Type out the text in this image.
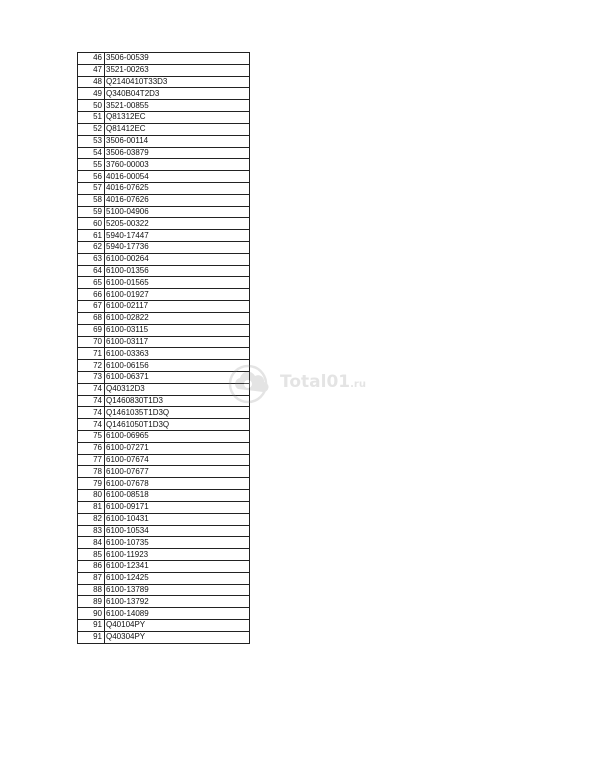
46	3506-00539
47	3521-00263
48	Q2140410T33D3
49	Q340B04T2D3
50	3521-00855
51	Q81312EC
52	Q81412EC
53	3506-00114
54	3506-03879
55	3760-00003
56	4016-00054
57	4016-07625
58	4016-07626
59	5100-04906
60	5205-00322
61	5940-17447
62	5940-17736
63	6100-00264
64	6100-01356
65	6100-01565
66	6100-01927
67	6100-02117
68	6100-02822
69	6100-03115
70	6100-03117
71	6100-03363
72	6100-06156
73	6100-06371
74	Q40312D3
74	Q1460830T1D3
74	Q1461035T1D3Q
74	Q1461050T1D3Q
75	6100-06965
76	6100-07271
77	6100-07674
78	6100-07677
79	6100-07678
80	6100-08518
81	6100-09171
82	6100-10431
83	6100-10534
84	6100-10735
85	6100-11923
86	6100-12341
87	6100-12425
88	6100-13789
89	6100-13792
90	6100-14089
91	Q40104PY
91	Q40304PY
Total01.ru
